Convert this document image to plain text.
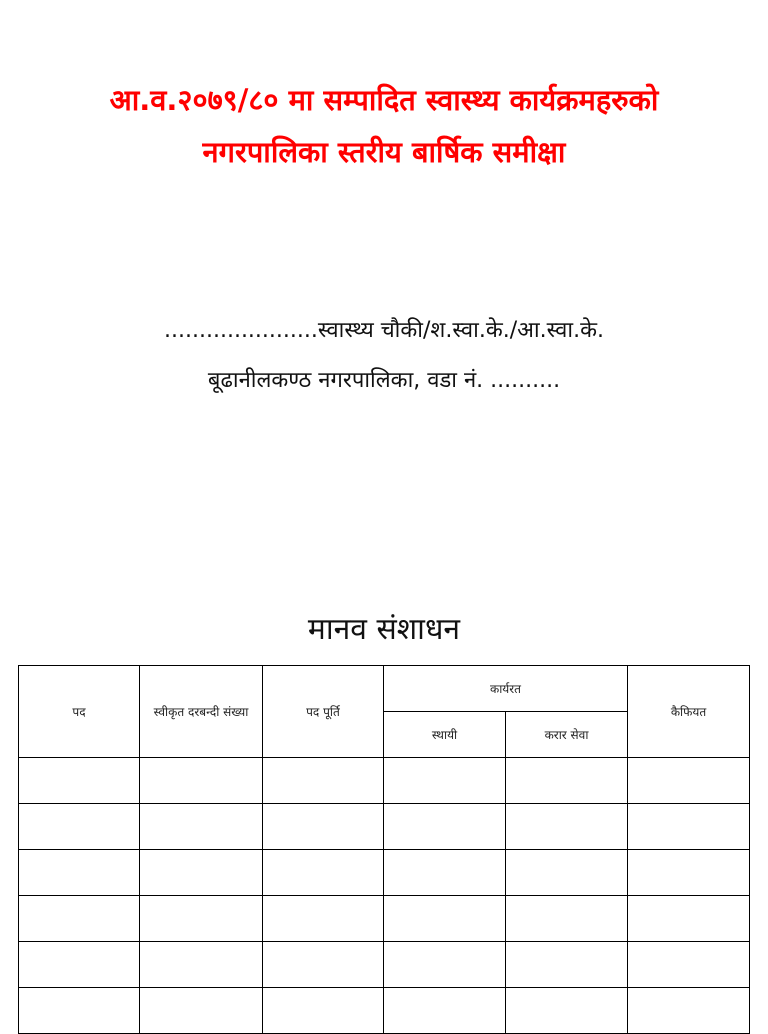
आ.व.२०७९/८० मा सम्पादित स्वास्थ्य कार्यक्रमहरुको
नगरपालिका स्तरीय बार्षिक समीक्षा
......................स्वास्थ्य चौकी/श.स्वा.के./आ.स्वा.के.
बूढानीलकण्ठ नगरपालिका, वडा नं. ..........
मानव संशाधन
पद	स्वीकृत दरबन्दी संख्या	पद पूर्ति	कार्यरत		कैफियत
			स्थायी	करार सेवा	
